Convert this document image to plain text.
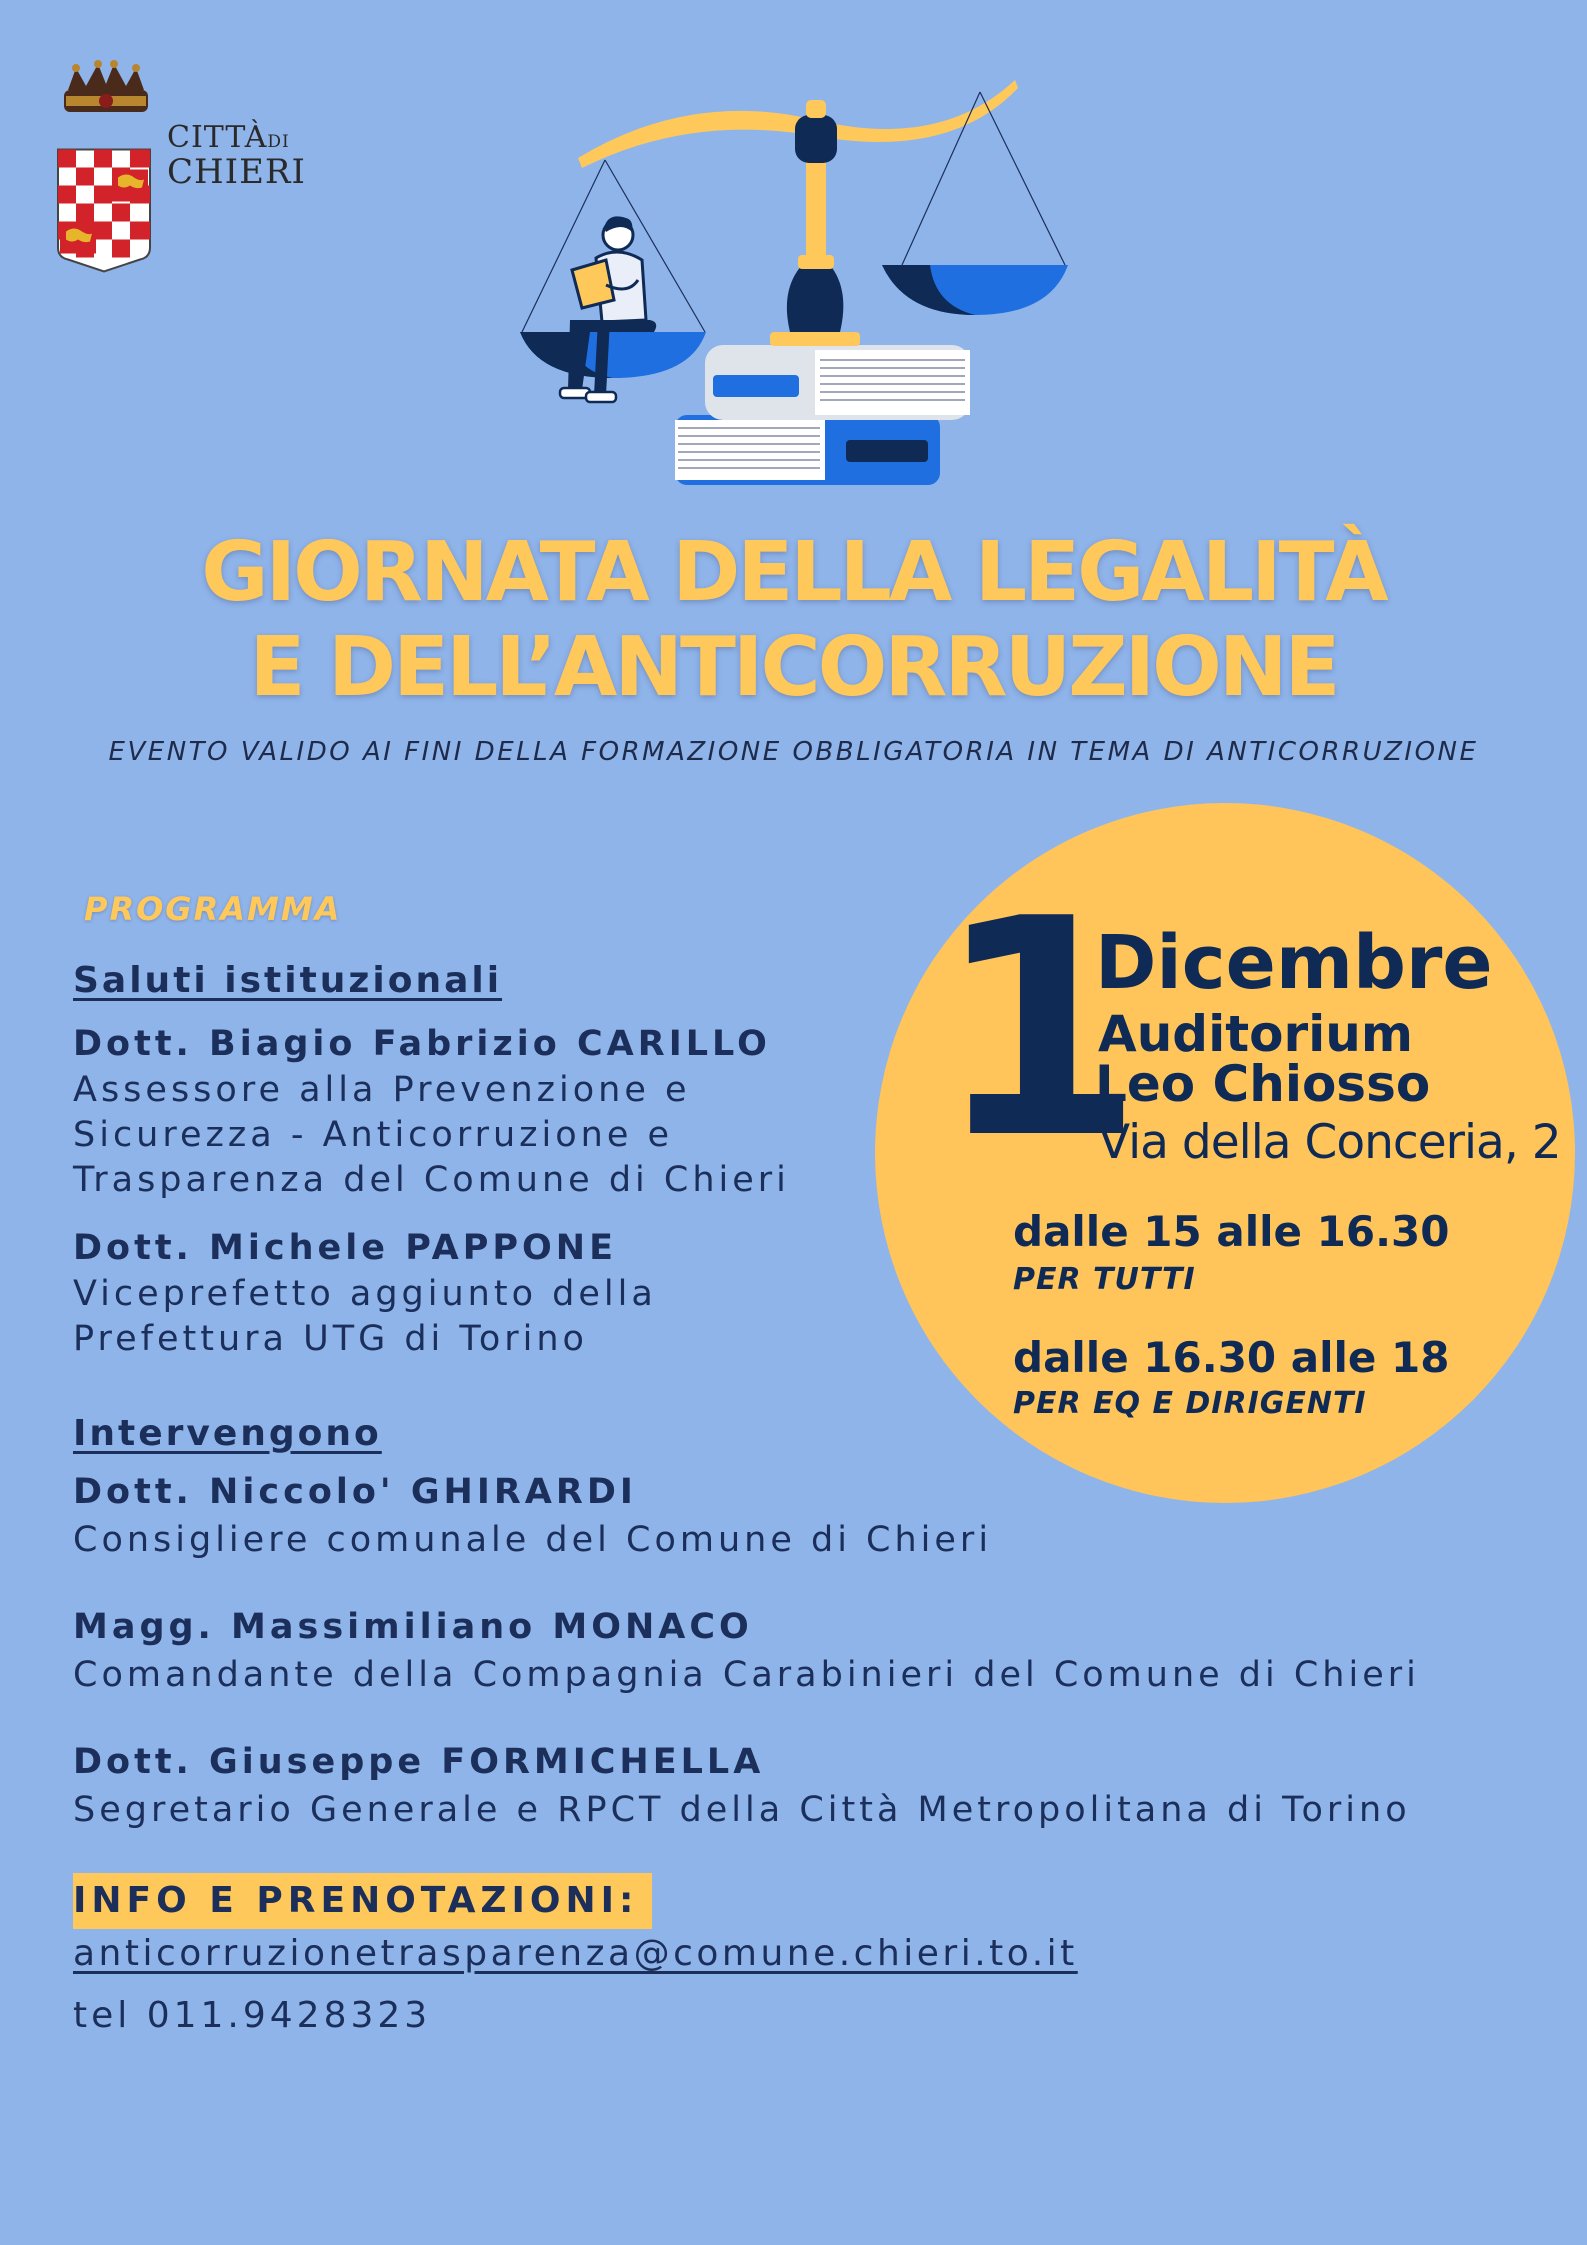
CITTÀDI
CHIERI
GIORNATA DELLA LEGALITÀ
E DELL’ANTICORRUZIONE
EVENTO VALIDO AI FINI DELLA FORMAZIONE OBBLIGATORIA IN TEMA DI ANTICORRUZIONE
PROGRAMMA
Saluti istituzionali
Dott. Biagio Fabrizio CARILLO
Assessore alla Prevenzione e
Sicurezza - Anticorruzione e
Trasparenza del Comune di Chieri
Dott. Michele PAPPONE
Viceprefetto aggiunto della
Prefettura UTG di Torino
Intervengono
Dott. Niccolo' GHIRARDI
Consigliere comunale del Comune di Chieri
Magg. Massimiliano MONACO
Comandante della Compagnia Carabinieri del Comune di Chieri
Dott. Giuseppe FORMICHELLA
Segretario Generale e RPCT della Città Metropolitana di Torino
INFO E PRENOTAZIONI:
anticorruzionetrasparenza@comune.chieri.to.it
tel 011.9428323
1
Dicembre
Auditorium
Leo Chiosso
Via della Conceria, 2
dalle 15 alle 16.30
PER TUTTI
dalle 16.30 alle 18
PER EQ E DIRIGENTI
